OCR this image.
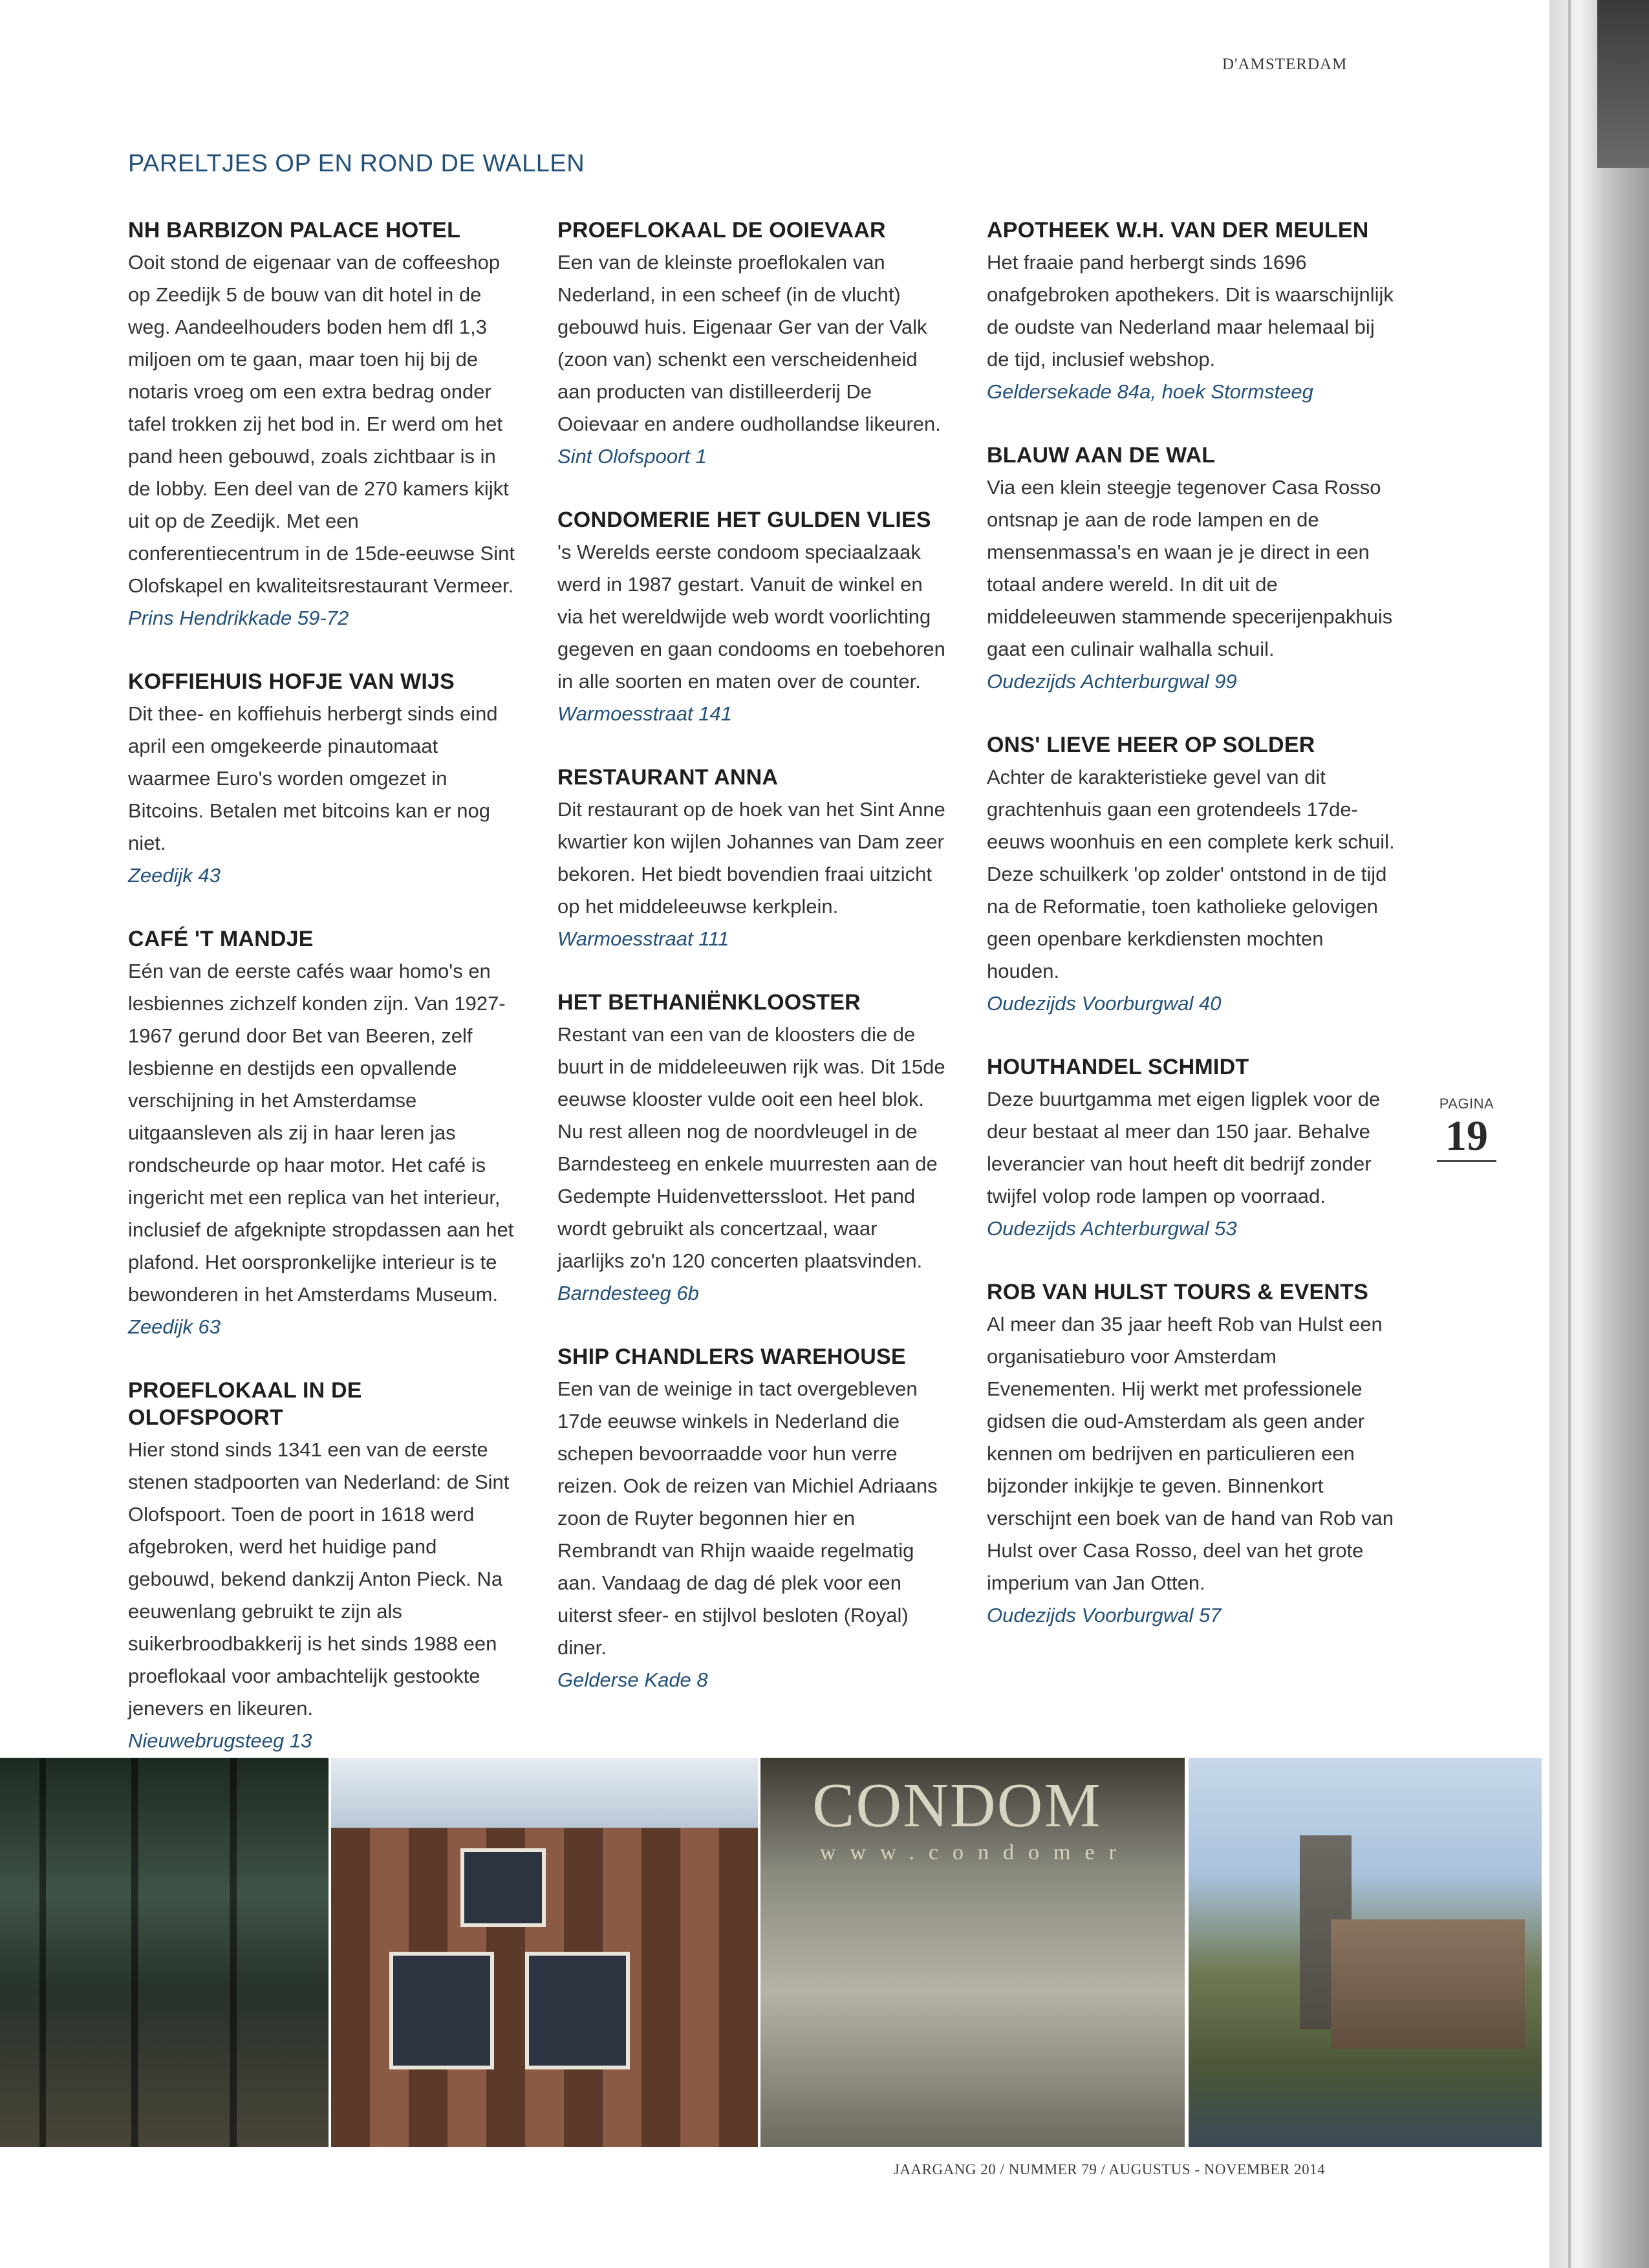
D'AMSTERDAM
PARELTJES OP EN ROND DE WALLEN
NH BARBIZON PALACE HOTEL

Ooit stond de eigenaar van de coffeeshop op Zeedijk 5 de bouw van dit hotel in de weg. Aandeelhouders boden hem dfl 1,3 miljoen om te gaan, maar toen hij bij de notaris vroeg om een extra bedrag onder tafel trokken zij het bod in. Er werd om het pand heen gebouwd, zoals zichtbaar is in de lobby. Een deel van de 270 kamers kijkt uit op de Zeedijk. Met een conferentiecentrum in de 15de-eeuwse Sint Olofskapel en kwaliteitsrestaurant Vermeer.

Prins Hendrikkade 59-72
KOFFIEHUIS HOFJE VAN WIJS

Dit thee- en koffiehuis herbergt sinds eind april een omgekeerde pinautomaat waarmee Euro's worden omgezet in Bitcoins. Betalen met bitcoins kan er nog niet.

Zeedijk 43
CAFÉ 'T MANDJE

Eén van de eerste cafés waar homo's en lesbiennes zichzelf konden zijn. Van 1927-1967 gerund door Bet van Beeren, zelf lesbienne en destijds een opvallende verschijning in het Amsterdamse uitgaansleven als zij in haar leren jas rondscheurde op haar motor. Het café is ingericht met een replica van het interieur, inclusief de afgeknipte stropdassen aan het plafond. Het oorspronkelijke interieur is te bewonderen in het Amsterdams Museum.

Zeedijk 63
PROEFLOKAAL IN DE OLOFSPOORT

Hier stond sinds 1341 een van de eerste stenen stadpoorten van Nederland: de Sint Olofspoort. Toen de poort in 1618 werd afgebroken, werd het huidige pand gebouwd, bekend dankzij Anton Pieck. Na eeuwenlang gebruikt te zijn als suikerbroodbakkerij is het sinds 1988 een proeflokaal voor ambachtelijk gestookte jenevers en likeuren.

Nieuwebrugsteeg 13
PROEFLOKAAL DE OOIEVAAR

Een van de kleinste proeflokalen van Nederland, in een scheef (in de vlucht) gebouwd huis. Eigenaar Ger van der Valk (zoon van) schenkt een verscheidenheid aan producten van distilleerderij De Ooievaar en andere oudhollandse likeuren.

Sint Olofspoort 1
CONDOMERIE HET GULDEN VLIES

's Werelds eerste condoom speciaalzaak werd in 1987 gestart. Vanuit de winkel en via het wereldwijde web wordt voorlichting gegeven en gaan condooms en toebehoren in alle soorten en maten over de counter.

Warmoesstraat 141
RESTAURANT ANNA

Dit restaurant op de hoek van het Sint Anne kwartier kon wijlen Johannes van Dam zeer bekoren. Het biedt bovendien fraai uitzicht op het middeleeuwse kerkplein.

Warmoesstraat 111
HET BETHANIËNKLOOSTER

Restant van een van de kloosters die de buurt in de middeleeuwen rijk was. Dit 15de eeuwse klooster vulde ooit een heel blok. Nu rest alleen nog de noordvleugel in de Barndesteeg en enkele muurresten aan de Gedempte Huidenvetterssloot. Het pand wordt gebruikt als concertzaal, waar jaarlijks zo'n 120 concerten plaatsvinden.

Barndesteeg 6b
SHIP CHANDLERS WAREHOUSE

Een van de weinige in tact overgebleven 17de eeuwse winkels in Nederland die schepen bevoorraadde voor hun verre reizen. Ook de reizen van Michiel Adriaans zoon de Ruyter begonnen hier en Rembrandt van Rhijn waaide regelmatig aan. Vandaag de dag dé plek voor een uiterst sfeer- en stijlvol besloten (Royal) diner.

Gelderse Kade 8
APOTHEEK W.H. VAN DER MEULEN

Het fraaie pand herbergt sinds 1696 onafgebroken apothekers. Dit is waarschijnlijk de oudste van Nederland maar helemaal bij de tijd, inclusief webshop.

Geldersekade 84a, hoek Stormsteeg
BLAUW AAN DE WAL

Via een klein steegje tegenover Casa Rosso ontsnap je aan de rode lampen en de mensenmassa's en waan je je direct in een totaal andere wereld. In dit uit de middeleeuwen stammende specerijenpakhuis gaat een culinair walhalla schuil.

Oudezijds Achterburgwal 99
ONS' LIEVE HEER OP SOLDER

Achter de karakteristieke gevel van dit grachtenhuis gaan een grotendeels 17de-eeuws woonhuis en een complete kerk schuil. Deze schuilkerk 'op zolder' ontstond in de tijd na de Reformatie, toen katholieke gelovigen geen openbare kerkdiensten mochten houden.

Oudezijds Voorburgwal 40
HOUTHANDEL SCHMIDT

Deze buurtgamma met eigen ligplek voor de deur bestaat al meer dan 150 jaar. Behalve leverancier van hout heeft dit bedrijf zonder twijfel volop rode lampen op voorraad.

Oudezijds Achterburgwal 53
ROB VAN HULST TOURS & EVENTS

Al meer dan 35 jaar heeft Rob van Hulst een organisatieburo voor Amsterdam Evenementen. Hij werkt met professionele gidsen die oud-Amsterdam als geen ander kennen om bedrijven en particulieren een bijzonder inkijkje te geven. Binnenkort verschijnt een boek van de hand van Rob van Hulst over Casa Rosso, deel van het grote imperium van Jan Otten.

Oudezijds Voorburgwal 57
PAGINA
19
CONDOM
www.condomer
JAARGANG 20 / NUMMER 79 / AUGUSTUS - NOVEMBER 2014
